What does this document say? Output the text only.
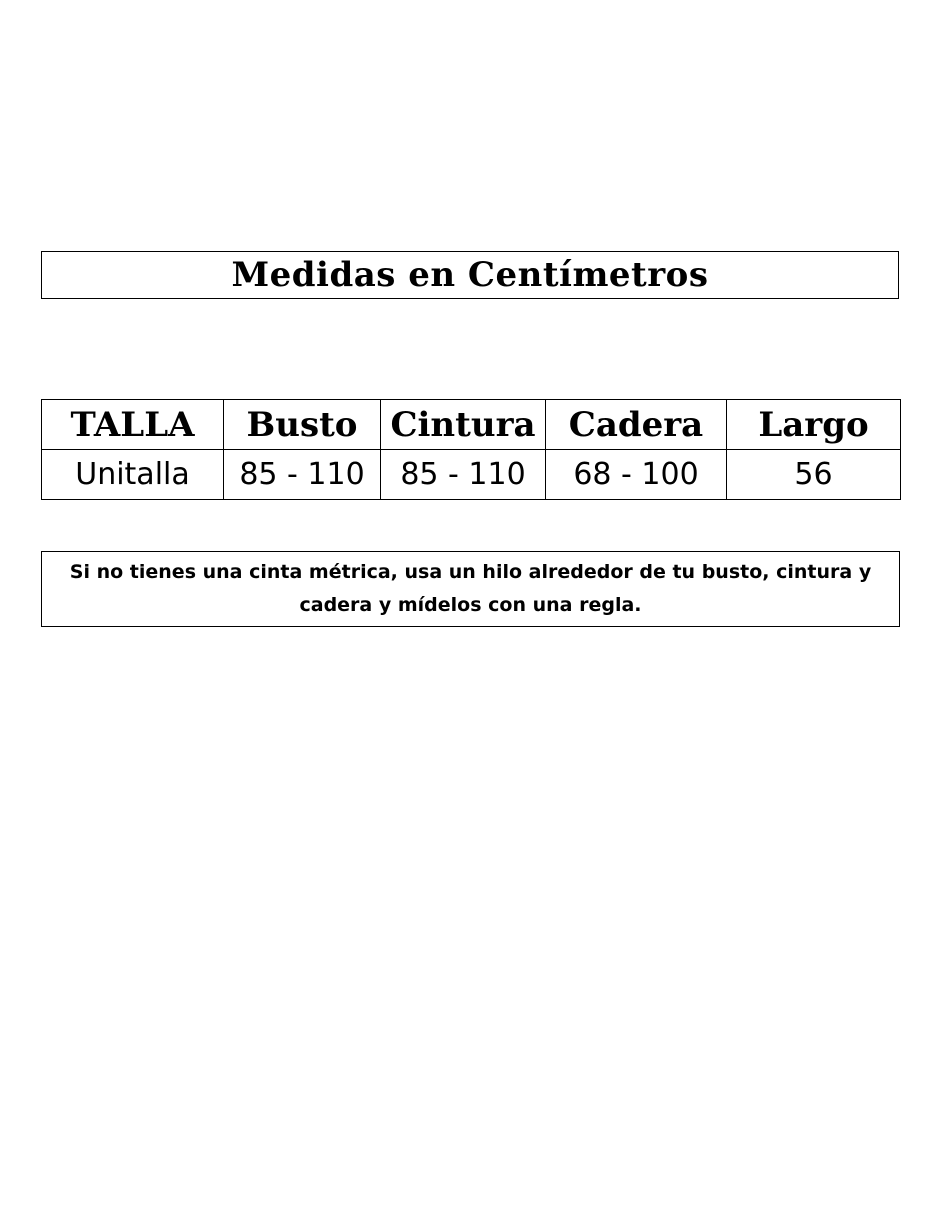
Medidas en Centímetros
TALLA	Busto	Cintura	Cadera	Largo
Unitalla	85 - 110	85 - 110	68 - 100	56
Si no tienes una cinta métrica, usa un hilo alrededor de tu busto, cintura y cadera y mídelos con una regla.
